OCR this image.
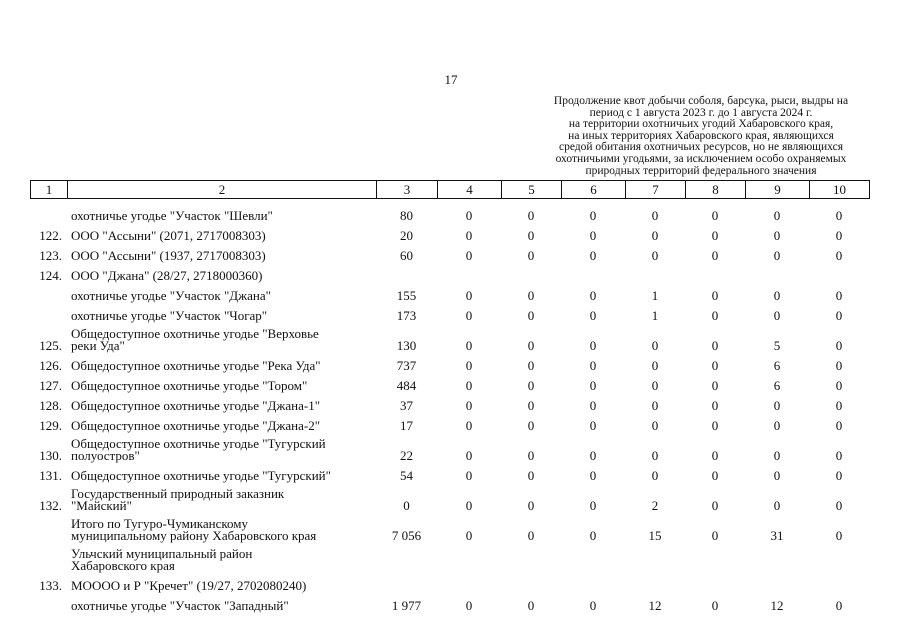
17
Продолжение квот добычи соболя, барсука, рыси, выдры на
период с 1 августа 2023 г. до 1 августа 2024 г.
на территории охотничьих угодий Хабаровского края,
на иных территориях Хабаровского края, являющихся
средой обитания охотничьих ресурсов, но не являющихся
охотничьими угодьями, за исключением особо охраняемых
природных территорий федерального значения
1	2	3	4	5	6	7	8	9	10

	охотничье угодье "Участок "Шевли"	80	0	0	0	0	0	0	0
122.	ООО "Ассыни" (2071, 2717008303)	20	0	0	0	0	0	0	0
123.	ООО "Ассыни" (1937, 2717008303)	60	0	0	0	0	0	0	0
124.	ООО "Джана" (28/27, 2718000360)								

	охотничье угодье "Участок "Джана"	155	0	0	0	1	0	0	0

	охотничье угодье "Участок "Чогар"	173	0	0	0	1	0	0	0
125.	Общедоступное охотничье угодье "Верховье
реки Уда"	130	0	0	0	0	0	5	0
126.	Общедоступное охотничье угодье "Река Уда"	737	0	0	0	0	0	6	0
127.	Общедоступное охотничье угодье "Тором"	484	0	0	0	0	0	6	0
128.	Общедоступное охотничье угодье "Джана-1"	37	0	0	0	0	0	0	0
129.	Общедоступное охотничье угодье "Джана-2"	17	0	0	0	0	0	0	0
130.	Общедоступное охотничье угодье "Тугурский
полуостров"	22	0	0	0	0	0	0	0
131.	Общедоступное охотничье угодье "Тугурский"	54	0	0	0	0	0	0	0
132.	Государственный природный заказник
"Майский"	0	0	0	0	2	0	0	0

	Итого по Тугуро-Чумиканскому
муниципальному району Хабаровского края	7 056	0	0	0	15	0	31	0

	Ульчский муниципальный район
Хабаровского края								

133.	МОООО и Р "Кречет" (19/27, 2702080240)								

	охотничье угодье "Участок "Западный"	1 977	0	0	0	12	0	12	0
